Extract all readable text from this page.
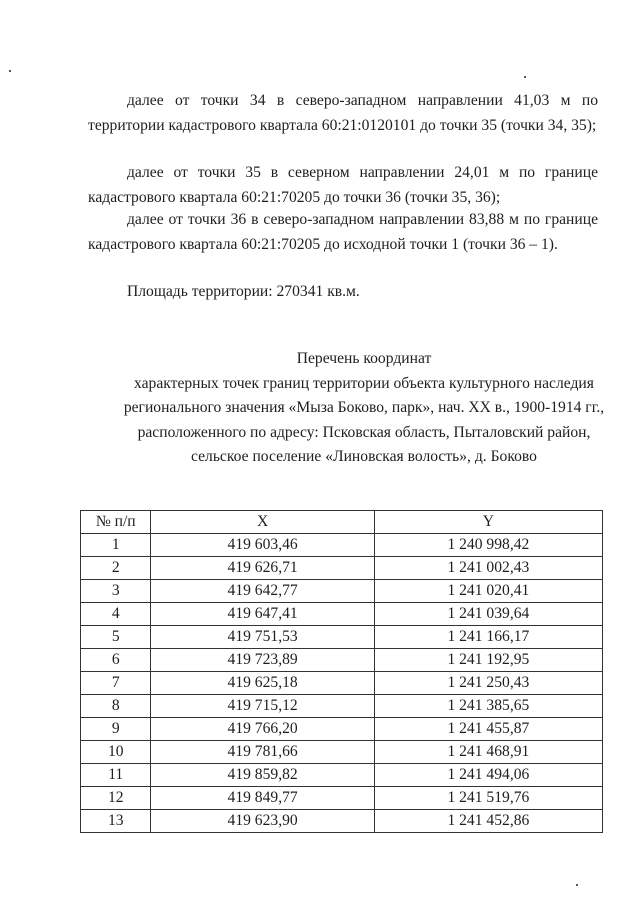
далее от точки 34 в северо-западном направлении 41,03 м по территории кадастрового квартала 60:21:0120101 до точки 35 (точки 34, 35);

далее от точки 35 в северном направлении 24,01 м по границе кадастрового квартала 60:21:70205 до точки 36 (точки 35, 36);

далее от точки 36 в северо-западном направлении 83,88 м по границе кадастрового квартала 60:21:70205 до исходной точки 1 (точки 36 – 1).

Площадь территории: 270341 кв.м.

Перечень координат
характерных точек границ территории объекта культурного наследия
регионального значения «Мыза Боково, парк», нач. XX в., 1900-1914 гг.,
расположенного по адресу: Псковская область, Пыталовский район,
сельское поселение «Линовская волость», д. Боково
№ п/п	X	Y
1	419 603,46	1 240 998,42
2	419 626,71	1 241 002,43
3	419 642,77	1 241 020,41
4	419 647,41	1 241 039,64
5	419 751,53	1 241 166,17
6	419 723,89	1 241 192,95
7	419 625,18	1 241 250,43
8	419 715,12	1 241 385,65
9	419 766,20	1 241 455,87
10	419 781,66	1 241 468,91
11	419 859,82	1 241 494,06
12	419 849,77	1 241 519,76
13	419 623,90	1 241 452,86
